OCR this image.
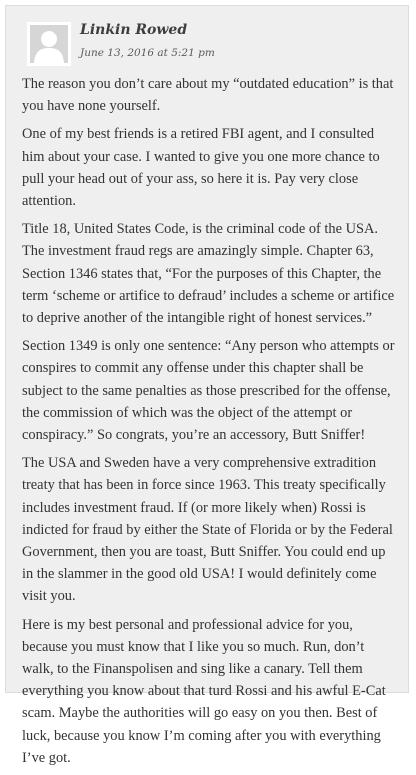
Linkin Rowed
June 13, 2016 at 5:21 pm

The reason you don’t care about my “outdated education” is that you have none yourself.

One of my best friends is a retired FBI agent, and I consulted him about your case. I wanted to give you one more chance to pull your head out of your ass, so here it is. Pay very close attention.

Title 18, United States Code, is the criminal code of the USA. The investment fraud regs are amazingly simple. Chapter 63, Section 1346 states that, “For the purposes of this Chapter, the term ‘scheme or artifice to defraud’ includes a scheme or artifice to deprive another of the intangible right of honest services.”

Section 1349 is only one sentence: “Any person who attempts or conspires to commit any offense under this chapter shall be subject to the same penalties as those prescribed for the offense, the commission of which was the object of the attempt or conspiracy.” So congrats, you’re an accessory, Butt Sniffer!

The USA and Sweden have a very comprehensive extradition treaty that has been in force since 1963. This treaty specifically includes investment fraud. If (or more likely when) Rossi is indicted for fraud by either the State of Florida or by the Federal Government, then you are toast, Butt Sniffer. You could end up in the slammer in the good old USA! I would definitely come visit you.

Here is my best personal and professional advice for you, because you must know that I like you so much. Run, don’t walk, to the Finanspolisen and sing like a canary. Tell them everything you know about that turd Rossi and his awful E-Cat scam. Maybe the authorities will go easy on you then. Best of luck, because you know I’m coming after you with everything I’ve got.
